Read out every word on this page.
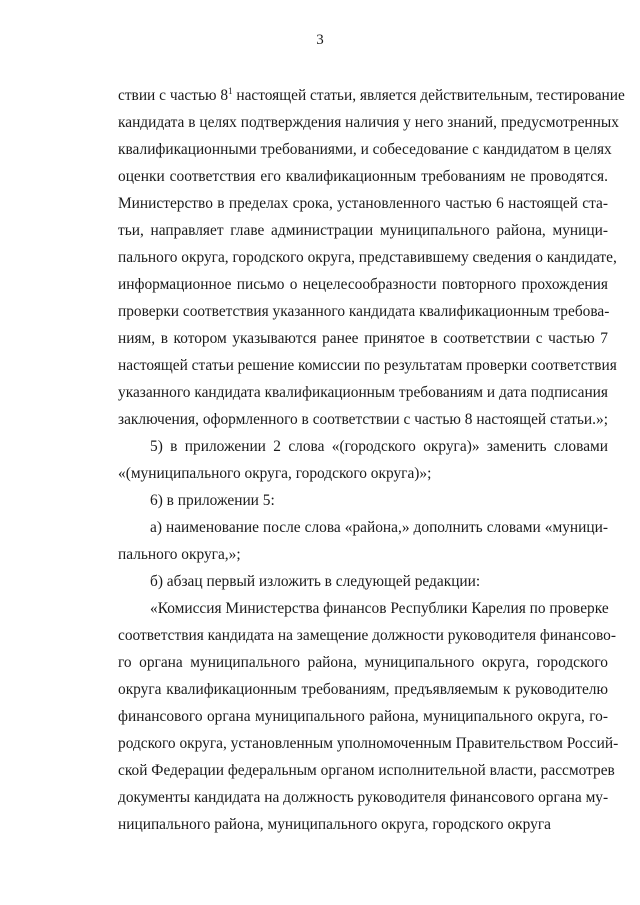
3
ствии с частью $8^1$ настоящей статьи, является действительным, тестирование
кандидата в целях подтверждения наличия у него знаний, предусмотренных
квалификационными требованиями, и собеседование с кандидатом в целях
оценки соответствия его квалификационным требованиям не проводятся.
Министерство в пределах срока, установленного частью 6 настоящей ста-
тьи, направляет главе администрации муниципального района, муници-
пального округа, городского округа, представившему сведения о кандидате,
информационное письмо о нецелесообразности повторного прохождения
проверки соответствия указанного кандидата квалификационным требова-
ниям, в котором указываются ранее принятое в соответствии с частью 7
настоящей статьи решение комиссии по результатам проверки соответствия
указанного кандидата квалификационным требованиям и дата подписания
заключения, оформленного в соответствии с частью 8 настоящей статьи.»;
5) в приложении 2 слова «(городского округа)» заменить словами
«(муниципального округа, городского округа)»;
6) в приложении 5:
а) наименование после слова «района,» дополнить словами «муници-
пального округа,»;
б) абзац первый изложить в следующей редакции:
«Комиссия Министерства финансов Республики Карелия по проверке
соответствия кандидата на замещение должности руководителя финансово-
го органа муниципального района, муниципального округа, городского
округа квалификационным требованиям, предъявляемым к руководителю
финансового органа муниципального района, муниципального округа, го-
родского округа, установленным уполномоченным Правительством Россий-
ской Федерации федеральным органом исполнительной власти, рассмотрев
документы кандидата на должность руководителя финансового органа му-
ниципального района, муниципального округа, городского округа
